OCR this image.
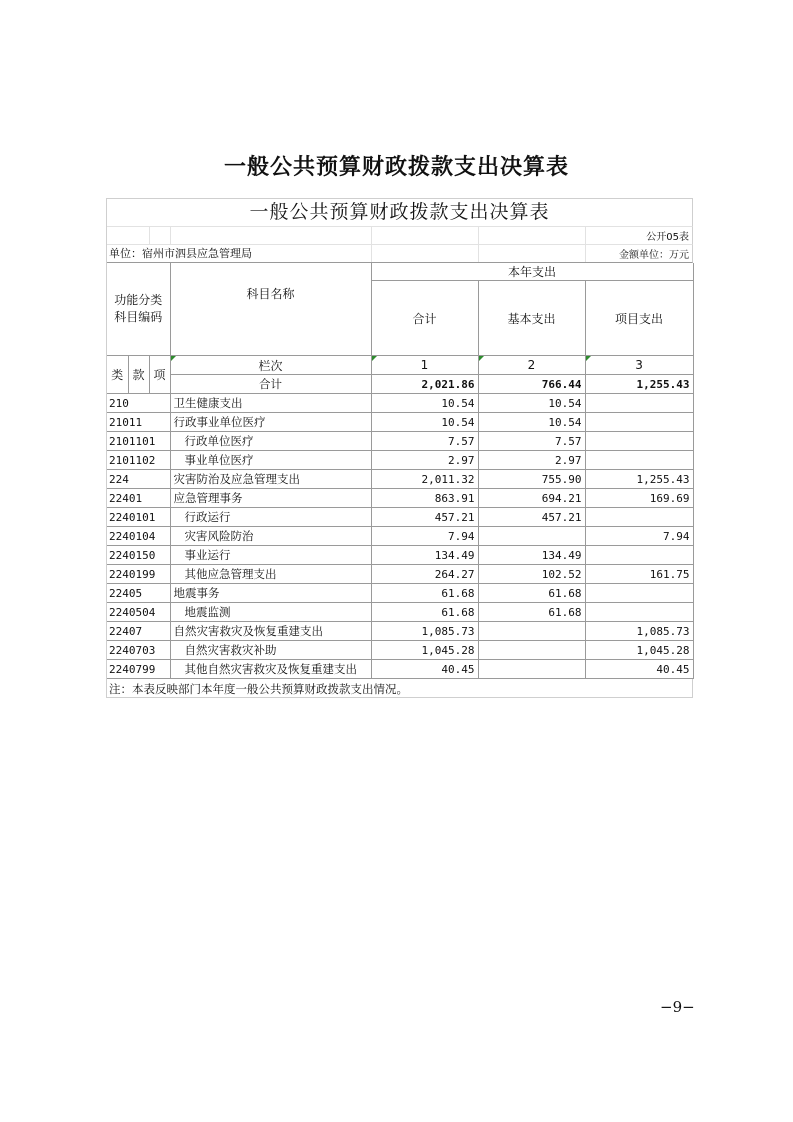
一般公共预算财政拨款支出决算表
一般公共预算财政拨款支出决算表
公开05表
单位：宿州市泗县应急管理局	金额单位：万元
功能分类科目编码			科目名称	本年支出		
				合计	基本支出	项目支出
类	款	项	栏次	1	2	3
			合计	2,021.86	766.44	1,255.43
210			卫生健康支出	10.54	10.54	
21011			行政事业单位医疗	10.54	10.54	
2101101			行政单位医疗	7.57	7.57	
2101102			事业单位医疗	2.97	2.97	
224			灾害防治及应急管理支出	2,011.32	755.90	1,255.43
22401			应急管理事务	863.91	694.21	169.69
2240101			行政运行	457.21	457.21	
2240104			灾害风险防治	7.94		7.94
2240150			事业运行	134.49	134.49	
2240199			其他应急管理支出	264.27	102.52	161.75
22405			地震事务	61.68	61.68	
2240504			地震监测	61.68	61.68	
22407			自然灾害救灾及恢复重建支出	1,085.73		1,085.73
2240703			自然灾害救灾补助	1,045.28		1,045.28
2240799			其他自然灾害救灾及恢复重建支出	40.45		40.45
注：本表反映部门本年度一般公共预算财政拨款支出情况。
−9−
